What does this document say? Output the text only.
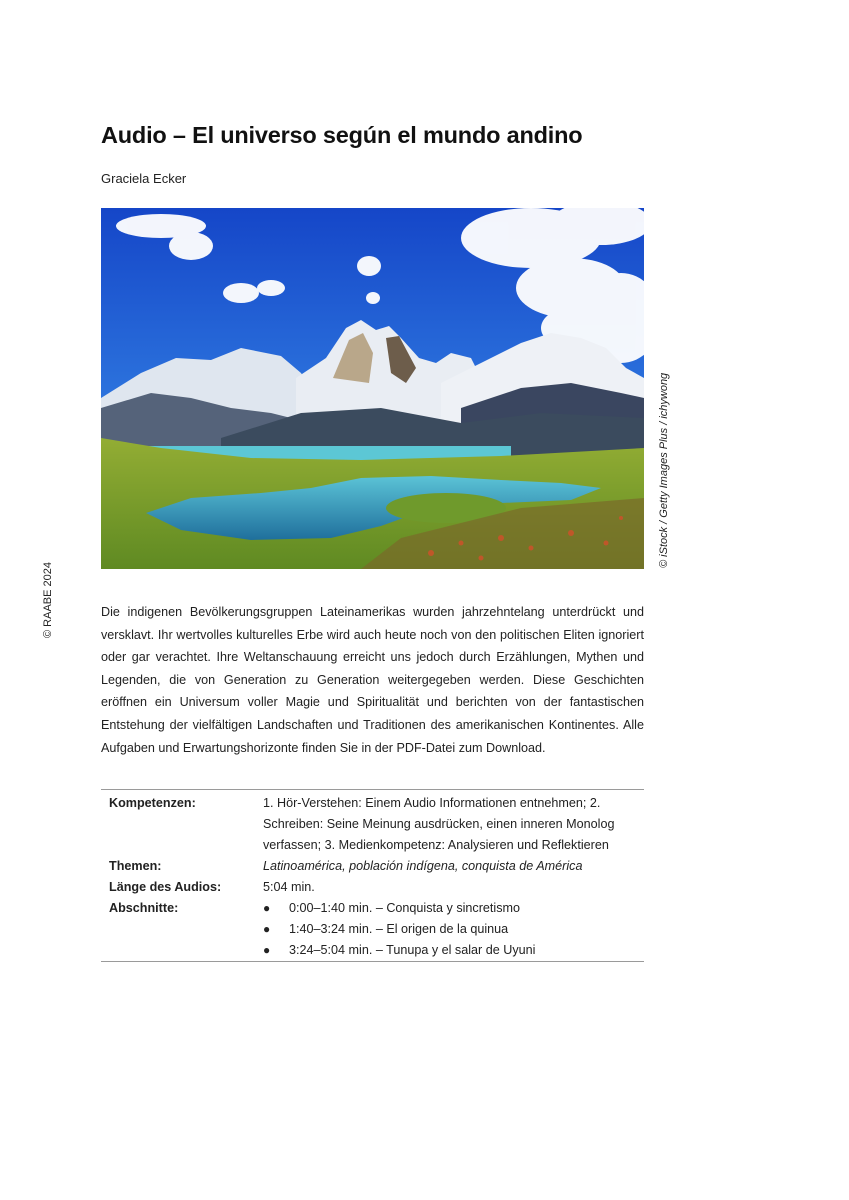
Audio – El universo según el mundo andino
Graciela Ecker
© iStock / Getty Images Plus / ichywong
© RAABE 2024	Die indigenen Bevölkerungsgruppen Lateinamerikas wurden jahrzehntelang unterdrückt und versklavt. Ihr wertvolles kulturelles Erbe wird auch heute noch von den politischen Eliten ignoriert oder gar verachtet. Ihre Weltanschauung erreicht uns jedoch durch Erzählungen, Mythen und Legenden, die von Generation zu Generation weitergegeben werden. Diese Geschichten eröffnen ein Universum voller Magie und Spiritualität und berichten von der fantastischen Entstehung der vielfältigen Landschaften und Traditionen des amerikanischen Kontinentes. Alle Aufgaben und Erwartungshorizonte finden Sie in der PDF-Datei zum Download.

Kompetenzen:	1. Hör-Verstehen: Einem Audio Informationen entnehmen; 2. Schreiben: Seine Meinung ausdrücken, einen inneren Monolog verfassen; 3. Medienkompetenz: Analysieren und Reflektieren
Themen:	Latinoamérica, población indígena, conquista de América
Länge des Audios:	5:04 min.
Abschnitte:	● 0:00–1:40 min. – Conquista y sincretismo
● 1:40–3:24 min. – El origen de la quinua
● 3:24–5:04 min. – Tunupa y el salar de Uyuni
